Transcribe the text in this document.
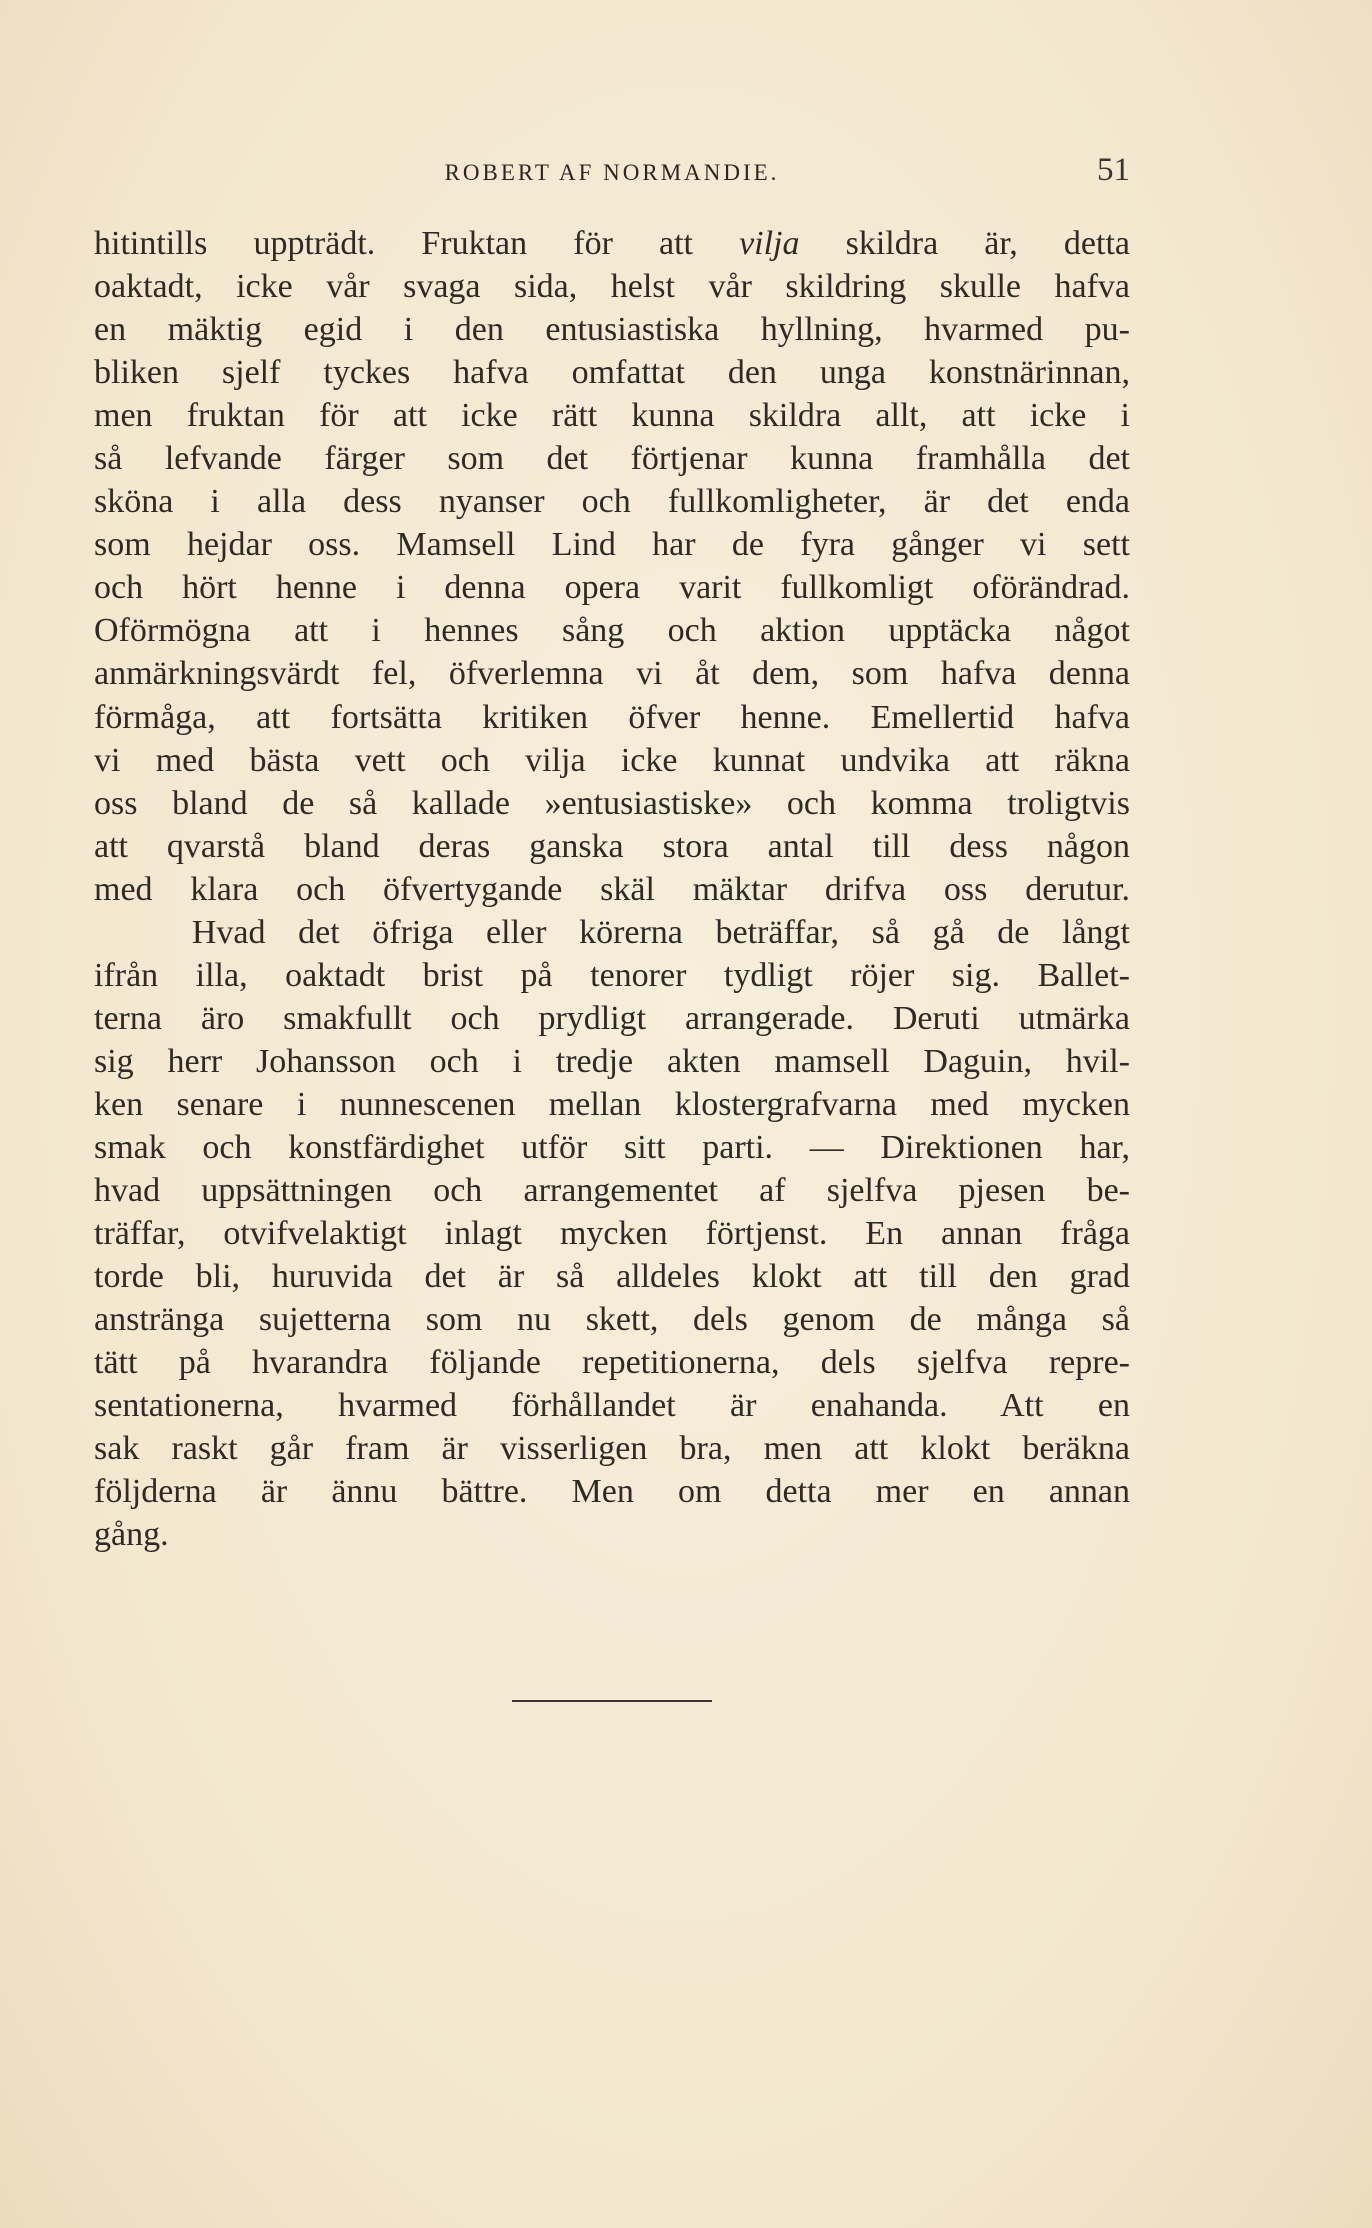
ROBERT AF NORMANDIE.	51
hitintills uppträdt. Fruktan för att vilja skildra är, detta
oaktadt, icke vår svaga sida, helst vår skildring skulle hafva
en mäktig egid i den entusiastiska hyllning, hvarmed pu-
bliken sjelf tyckes hafva omfattat den unga konstnärinnan,
men fruktan för att icke rätt kunna skildra allt, att icke i
så lefvande färger som det förtjenar kunna framhålla det
sköna i alla dess nyanser och fullkomligheter, är det enda
som hejdar oss. Mamsell Lind har de fyra gånger vi sett
och hört henne i denna opera varit fullkomligt oförändrad.
Oförmögna att i hennes sång och aktion upptäcka något
anmärkningsvärdt fel, öfverlemna vi åt dem, som hafva denna
förmåga, att fortsätta kritiken öfver henne. Emellertid hafva
vi med bästa vett och vilja icke kunnat undvika att räkna
oss bland de så kallade »entusiastiske» och komma troligtvis
att qvarstå bland deras ganska stora antal till dess någon
med klara och öfvertygande skäl mäktar drifva oss derutur.
Hvad det öfriga eller körerna beträffar, så gå de långt
ifrån illa, oaktadt brist på tenorer tydligt röjer sig. Ballet-
terna äro smakfullt och prydligt arrangerade. Deruti utmärka
sig herr Johansson och i tredje akten mamsell Daguin, hvil-
ken senare i nunnescenen mellan klostergrafvarna med mycken
smak och konstfärdighet utför sitt parti. — Direktionen har,
hvad uppsättningen och arrangementet af sjelfva pjesen be-
träffar, otvifvelaktigt inlagt mycken förtjenst. En annan fråga
torde bli, huruvida det är så alldeles klokt att till den grad
anstränga sujetterna som nu skett, dels genom de många så
tätt på hvarandra följande repetitionerna, dels sjelfva repre-
sentationerna, hvarmed förhållandet är enahanda. Att en
sak raskt går fram är visserligen bra, men att klokt beräkna
följderna är ännu bättre. Men om detta mer en annan
gång.
